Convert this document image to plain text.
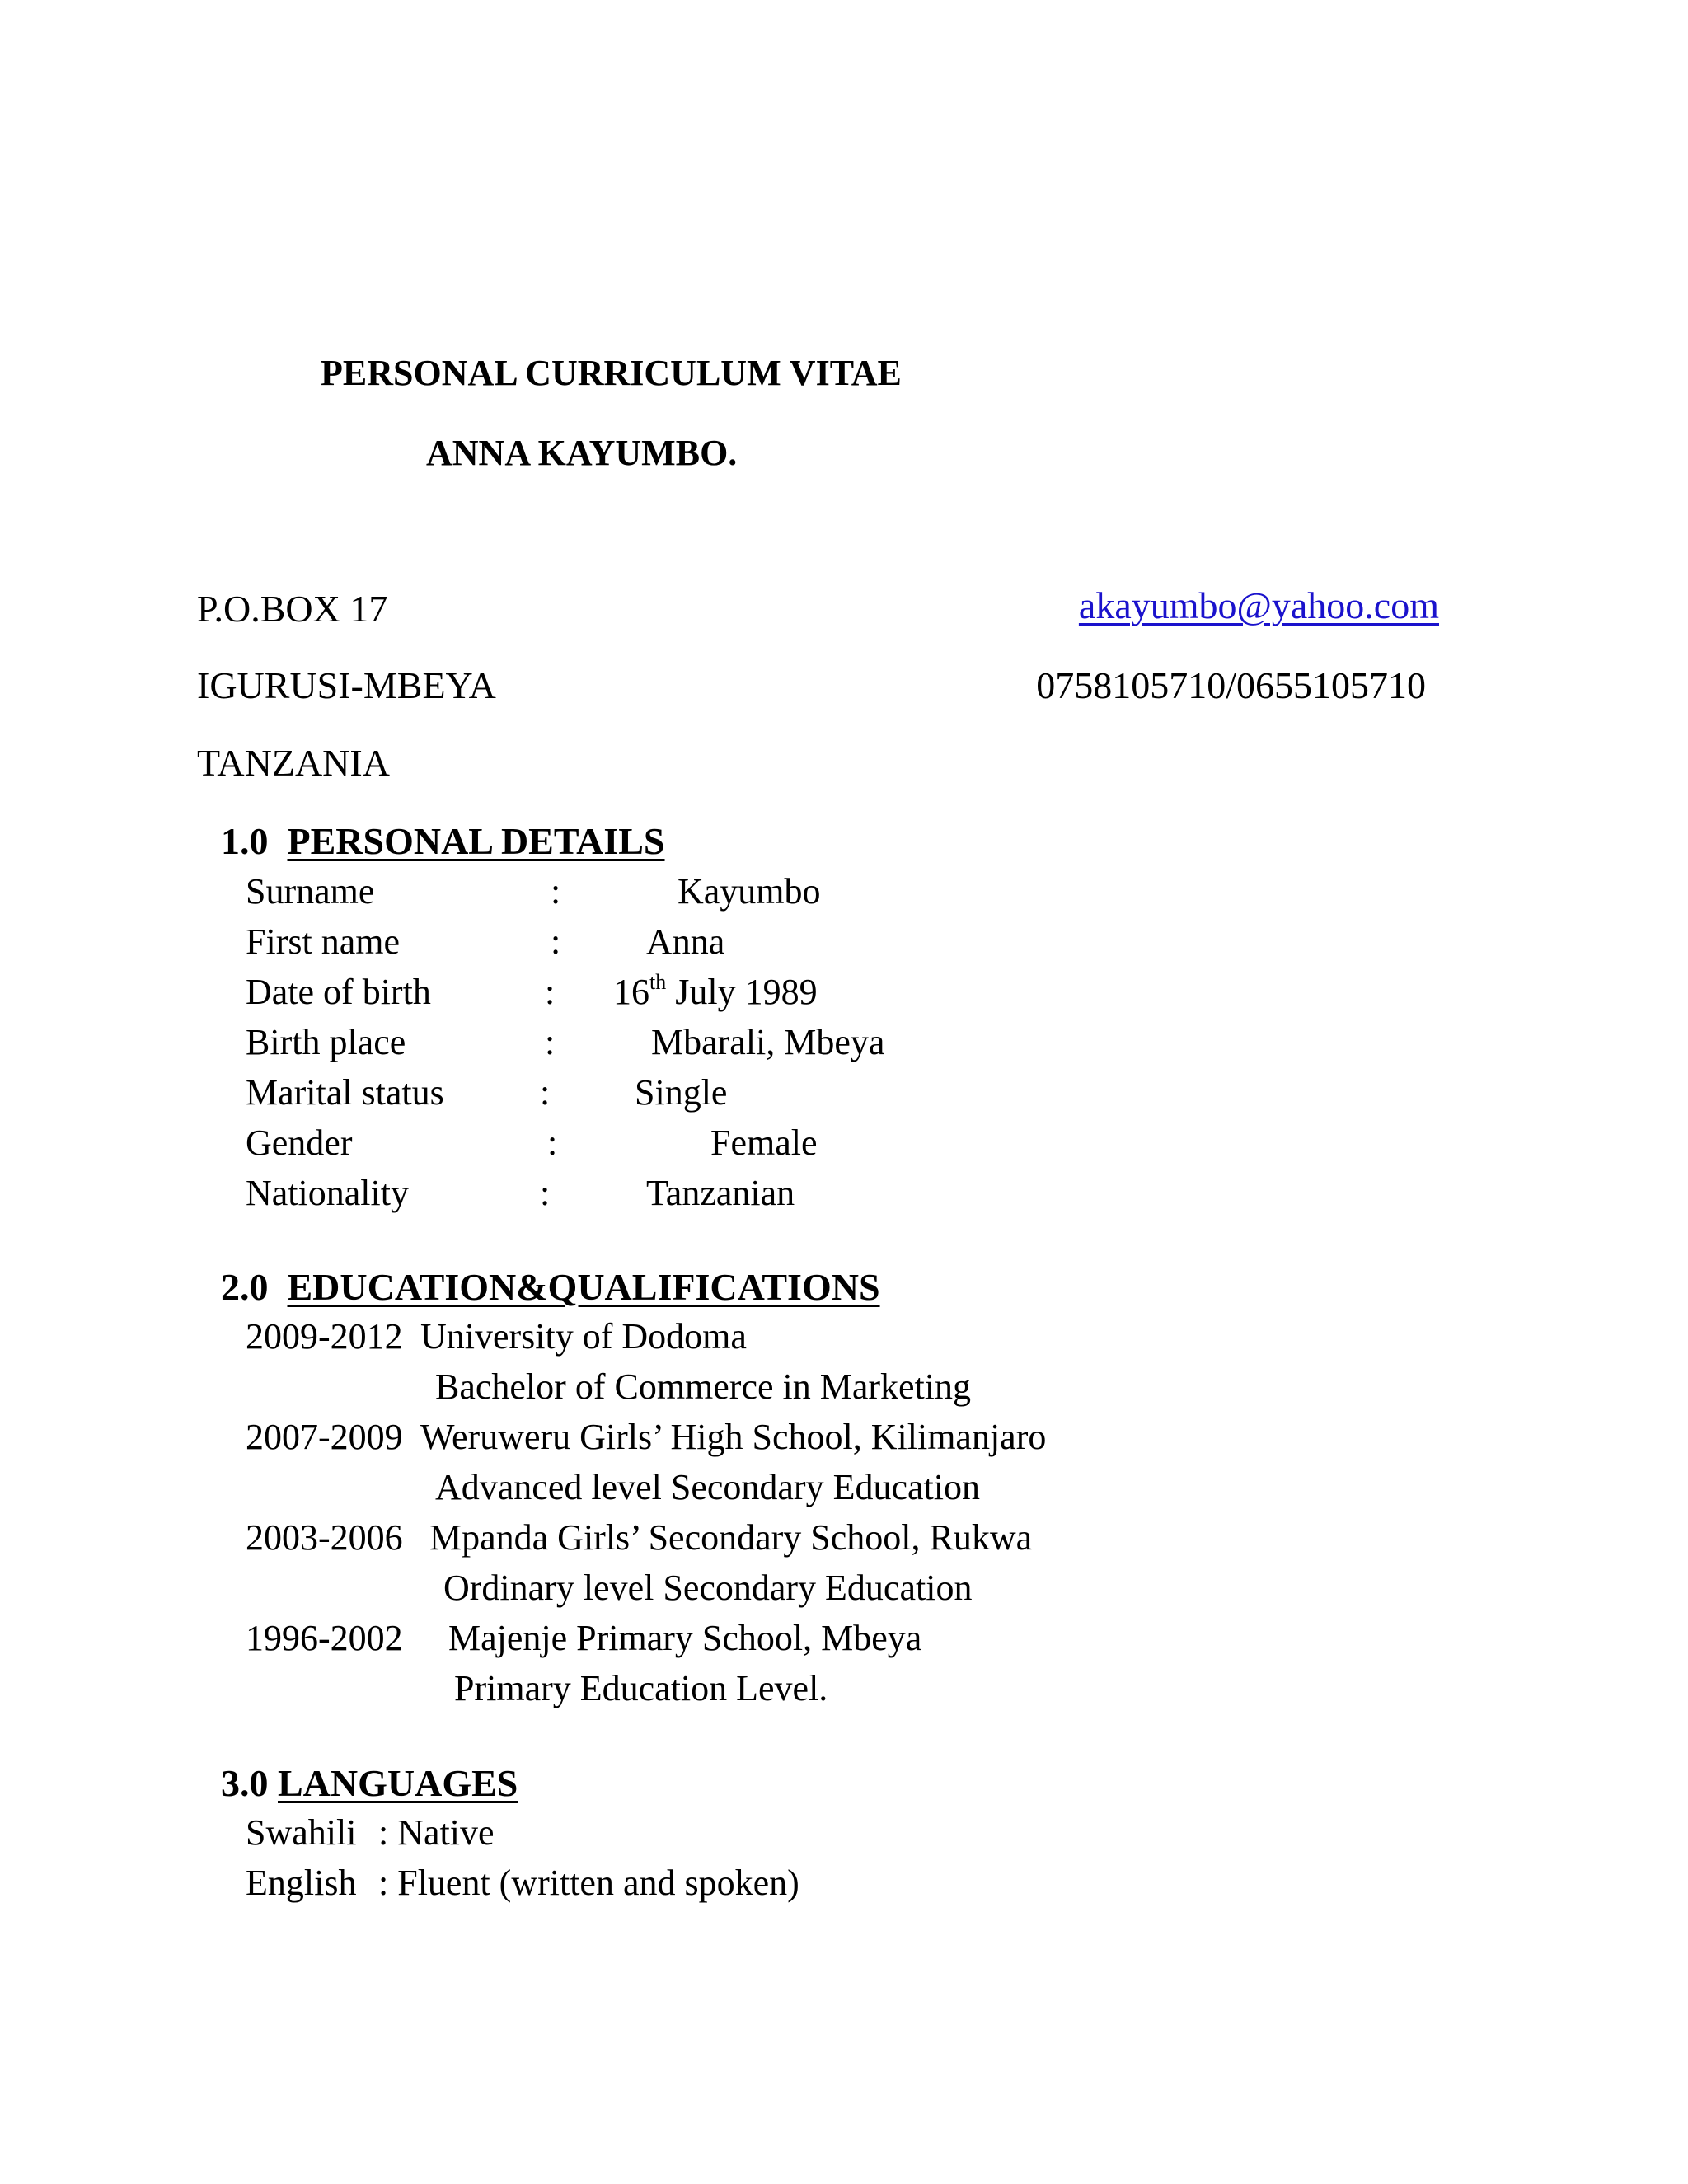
PERSONAL CURRICULUM VITAE
ANNA KAYUMBO.
P.O.BOX 17
IGURUSI-MBEYA
TANZANIA
akayumbo@yahoo.com
0758105710/0655105710
1.0 PERSONAL DETAILS
Surname	:	Kayumbo
First name	: Anna
Date of birth	: 16th July 1989
Birth place	:	Mbarali, Mbeya
Marital status	: Single
Gender	:	Female
Nationality	:	Tanzanian
2.0 EDUCATION&QUALIFICATIONS
2009-2012 University of Dodoma
Bachelor of Commerce in Marketing
2007-2009 Weruweru Girls’ High School, Kilimanjaro
Advanced level Secondary Education
2003-2006 Mpanda Girls’ Secondary School, Rukwa
Ordinary level Secondary Education
1996-2002 Majenje Primary School, Mbeya
Primary Education Level.
3.0 LANGUAGES
Swahili : Native
English : Fluent (written and spoken)
